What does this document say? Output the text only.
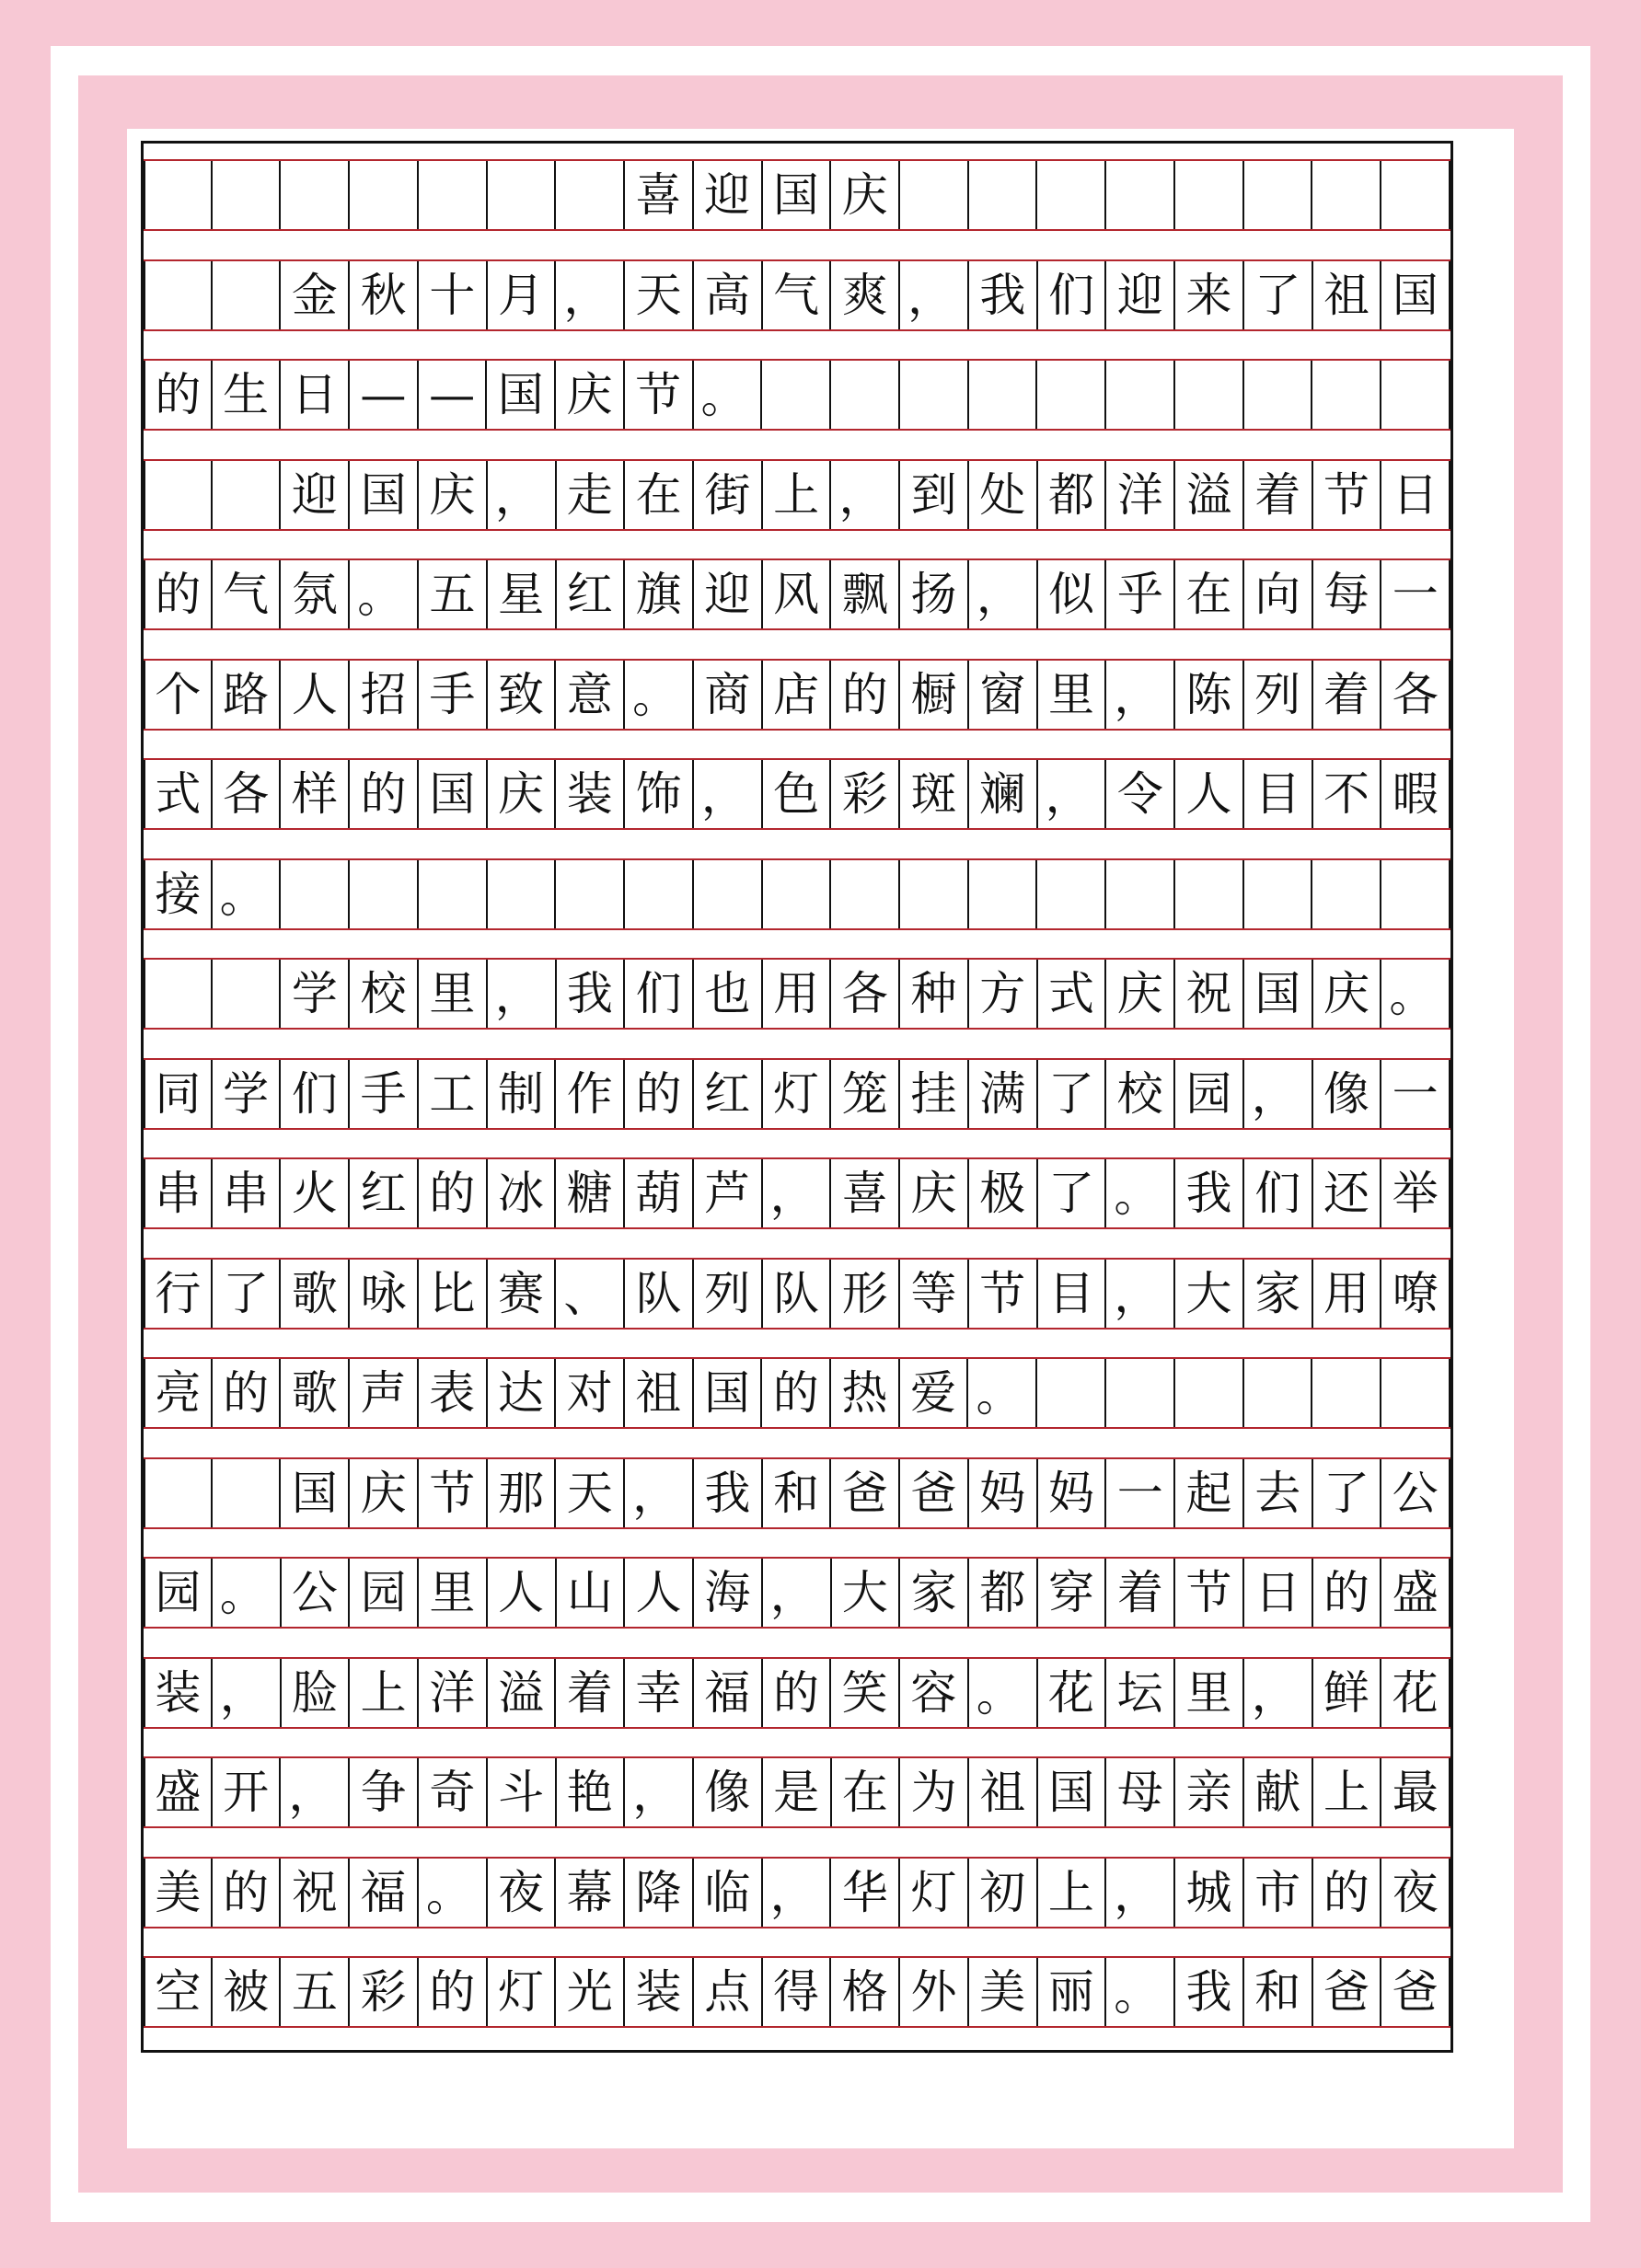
喜 迎 国 庆
金 秋 十 月 ， 天 高 气 爽 ， 我 们 迎 来 了 祖 国
的 生 日 — — 国 庆 节 。
迎 国 庆 ， 走 在 街 上 ， 到 处 都 洋 溢 着 节 日
的 气 氛 。 五 星 红 旗 迎 风 飘 扬 ， 似 乎 在 向 每 一
个 路 人 招 手 致 意 。 商 店 的 橱 窗 里 ， 陈 列 着 各
式 各 样 的 国 庆 装 饰 ， 色 彩 斑 斓 ， 令 人 目 不 暇
接 。
学 校 里 ， 我 们 也 用 各 种 方 式 庆 祝 国 庆 。
同 学 们 手 工 制 作 的 红 灯 笼 挂 满 了 校 园 ， 像 一
串 串 火 红 的 冰 糖 葫 芦 ， 喜 庆 极 了 。 我 们 还 举
行 了 歌 咏 比 赛 、 队 列 队 形 等 节 目 ， 大 家 用 嘹
亮 的 歌 声 表 达 对 祖 国 的 热 爱 。
国 庆 节 那 天 ， 我 和 爸 爸 妈 妈 一 起 去 了 公
园 。 公 园 里 人 山 人 海 ， 大 家 都 穿 着 节 日 的 盛
装 ， 脸 上 洋 溢 着 幸 福 的 笑 容 。 花 坛 里 ， 鲜 花
盛 开 ， 争 奇 斗 艳 ， 像 是 在 为 祖 国 母 亲 献 上 最
美 的 祝 福 。 夜 幕 降 临 ， 华 灯 初 上 ， 城 市 的 夜
空 被 五 彩 的 灯 光 装 点 得 格 外 美 丽 。 我 和 爸 爸
